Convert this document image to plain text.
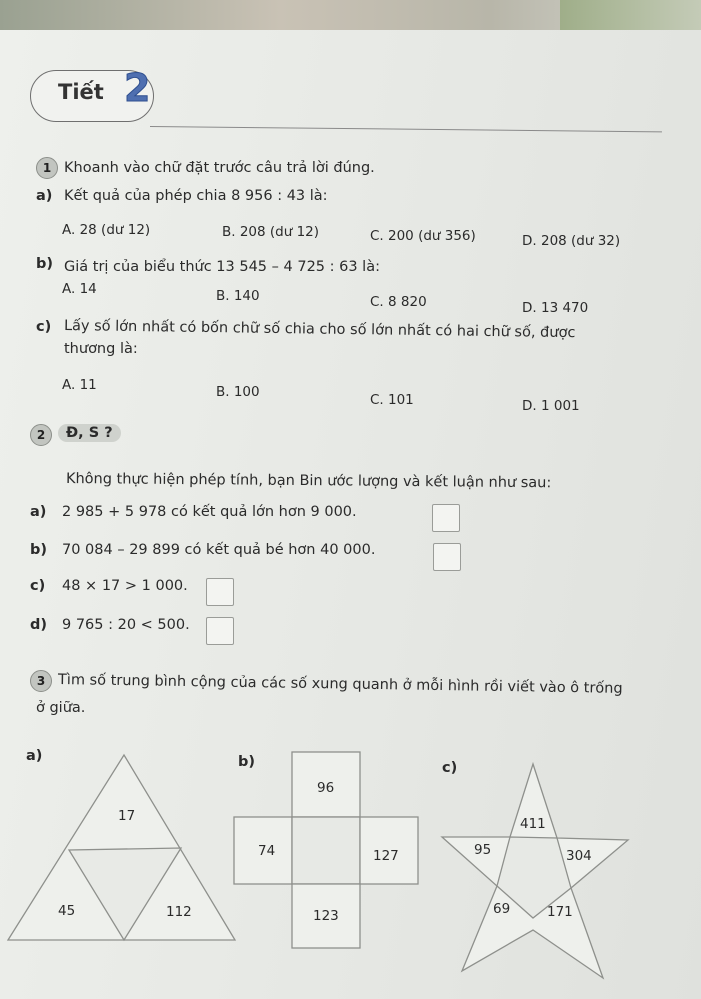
Tiết 2
1 Khoanh vào chữ đặt trước câu trả lời đúng.
a) Kết quả của phép chia 8 956 : 43 là:
A. 28 (dư 12)	B. 208 (dư 12)	C. 200 (dư 356)	D. 208 (dư 32)
b) Giá trị của biểu thức 13 545 – 4 725 : 63 là:
A. 14	B. 140	C. 8 820	D. 13 470
c) Lấy số lớn nhất có bốn chữ số chia cho số lớn nhất có hai chữ số, được
thương là:
A. 11	B. 100	C. 101	D. 1 001
2	Đ, S ?
Không thực hiện phép tính, bạn Bin ước lượng và kết luận như sau:
a) 2 985 + 5 978 có kết quả lớn hơn 9 000.
b) 70 084 – 29 899 có kết quả bé hơn 40 000.
c) 48 × 17 > 1 000.
d) 9 765 : 20 < 500.
3 Tìm số trung bình cộng của các số xung quanh ở mỗi hình rồi viết vào ô trống
ở giữa.
a)	b)	c)
17
45	112
96
74	127
123
411
95	304
69	171
